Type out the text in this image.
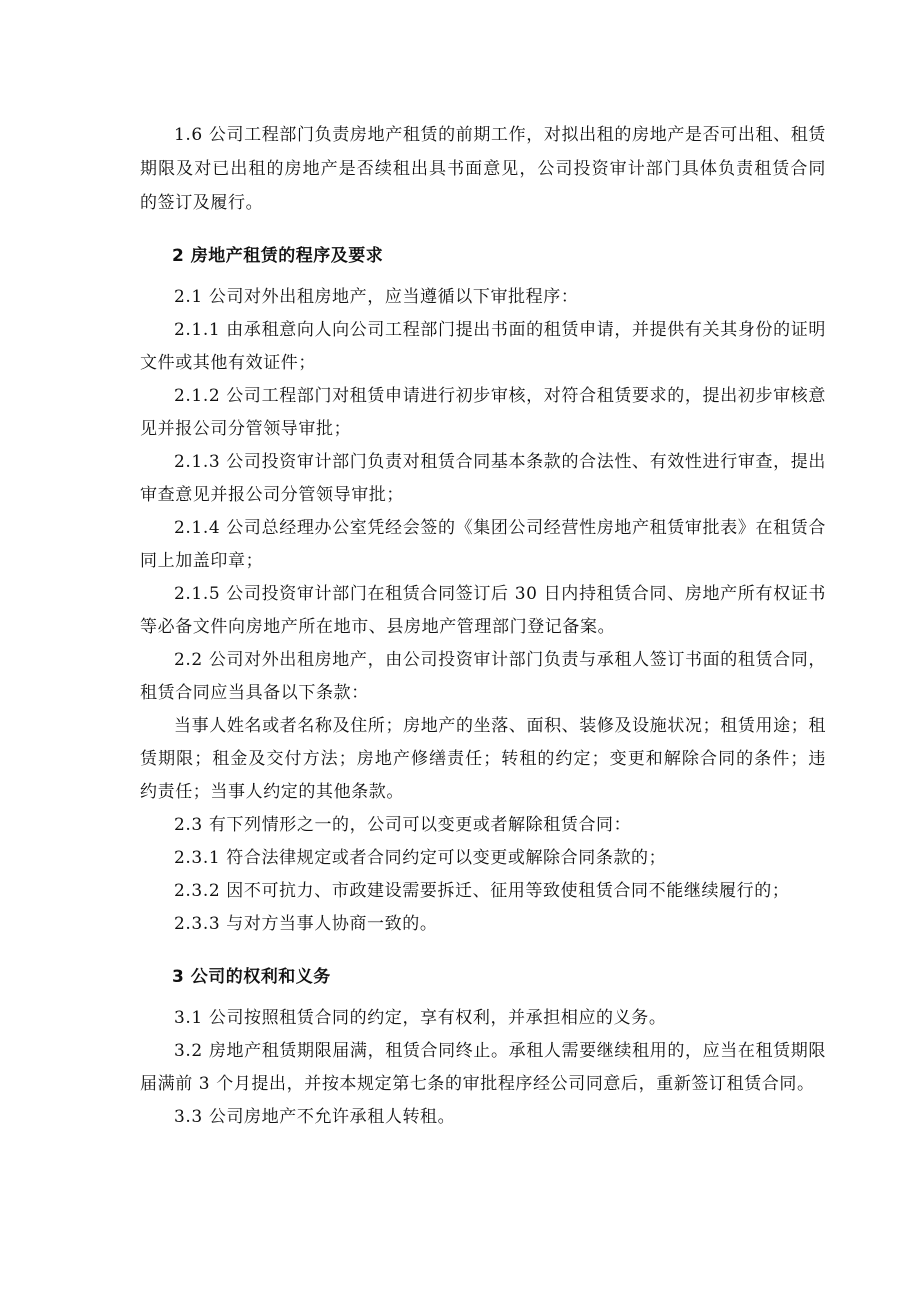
1.6 公司工程部门负责房地产租赁的前期工作，对拟出租的房地产是否可出租、租赁期限及对已出租的房地产是否续租出具书面意见，公司投资审计部门具体负责租赁合同的签订及履行。

2 房地产租赁的程序及要求

2.1 公司对外出租房地产，应当遵循以下审批程序：

2.1.1 由承租意向人向公司工程部门提出书面的租赁申请，并提供有关其身份的证明文件或其他有效证件；

2.1.2 公司工程部门对租赁申请进行初步审核，对符合租赁要求的，提出初步审核意见并报公司分管领导审批；

2.1.3 公司投资审计部门负责对租赁合同基本条款的合法性、有效性进行审查，提出审查意见并报公司分管领导审批；

2.1.4 公司总经理办公室凭经会签的《集团公司经营性房地产租赁审批表》在租赁合同上加盖印章；

2.1.5 公司投资审计部门在租赁合同签订后 30 日内持租赁合同、房地产所有权证书等必备文件向房地产所在地市、县房地产管理部门登记备案。

2.2 公司对外出租房地产，由公司投资审计部门负责与承租人签订书面的租赁合同，租赁合同应当具备以下条款：

当事人姓名或者名称及住所；房地产的坐落、面积、装修及设施状况；租赁用途；租赁期限；租金及交付方法；房地产修缮责任；转租的约定；变更和解除合同的条件；违约责任；当事人约定的其他条款。

2.3 有下列情形之一的，公司可以变更或者解除租赁合同：

2.3.1 符合法律规定或者合同约定可以变更或解除合同条款的；

2.3.2 因不可抗力、市政建设需要拆迁、征用等致使租赁合同不能继续履行的；

2.3.3 与对方当事人协商一致的。

3 公司的权利和义务

3.1 公司按照租赁合同的约定，享有权利，并承担相应的义务。

3.2 房地产租赁期限届满，租赁合同终止。承租人需要继续租用的，应当在租赁期限届满前 3 个月提出，并按本规定第七条的审批程序经公司同意后，重新签订租赁合同。

3.3 公司房地产不允许承租人转租。
